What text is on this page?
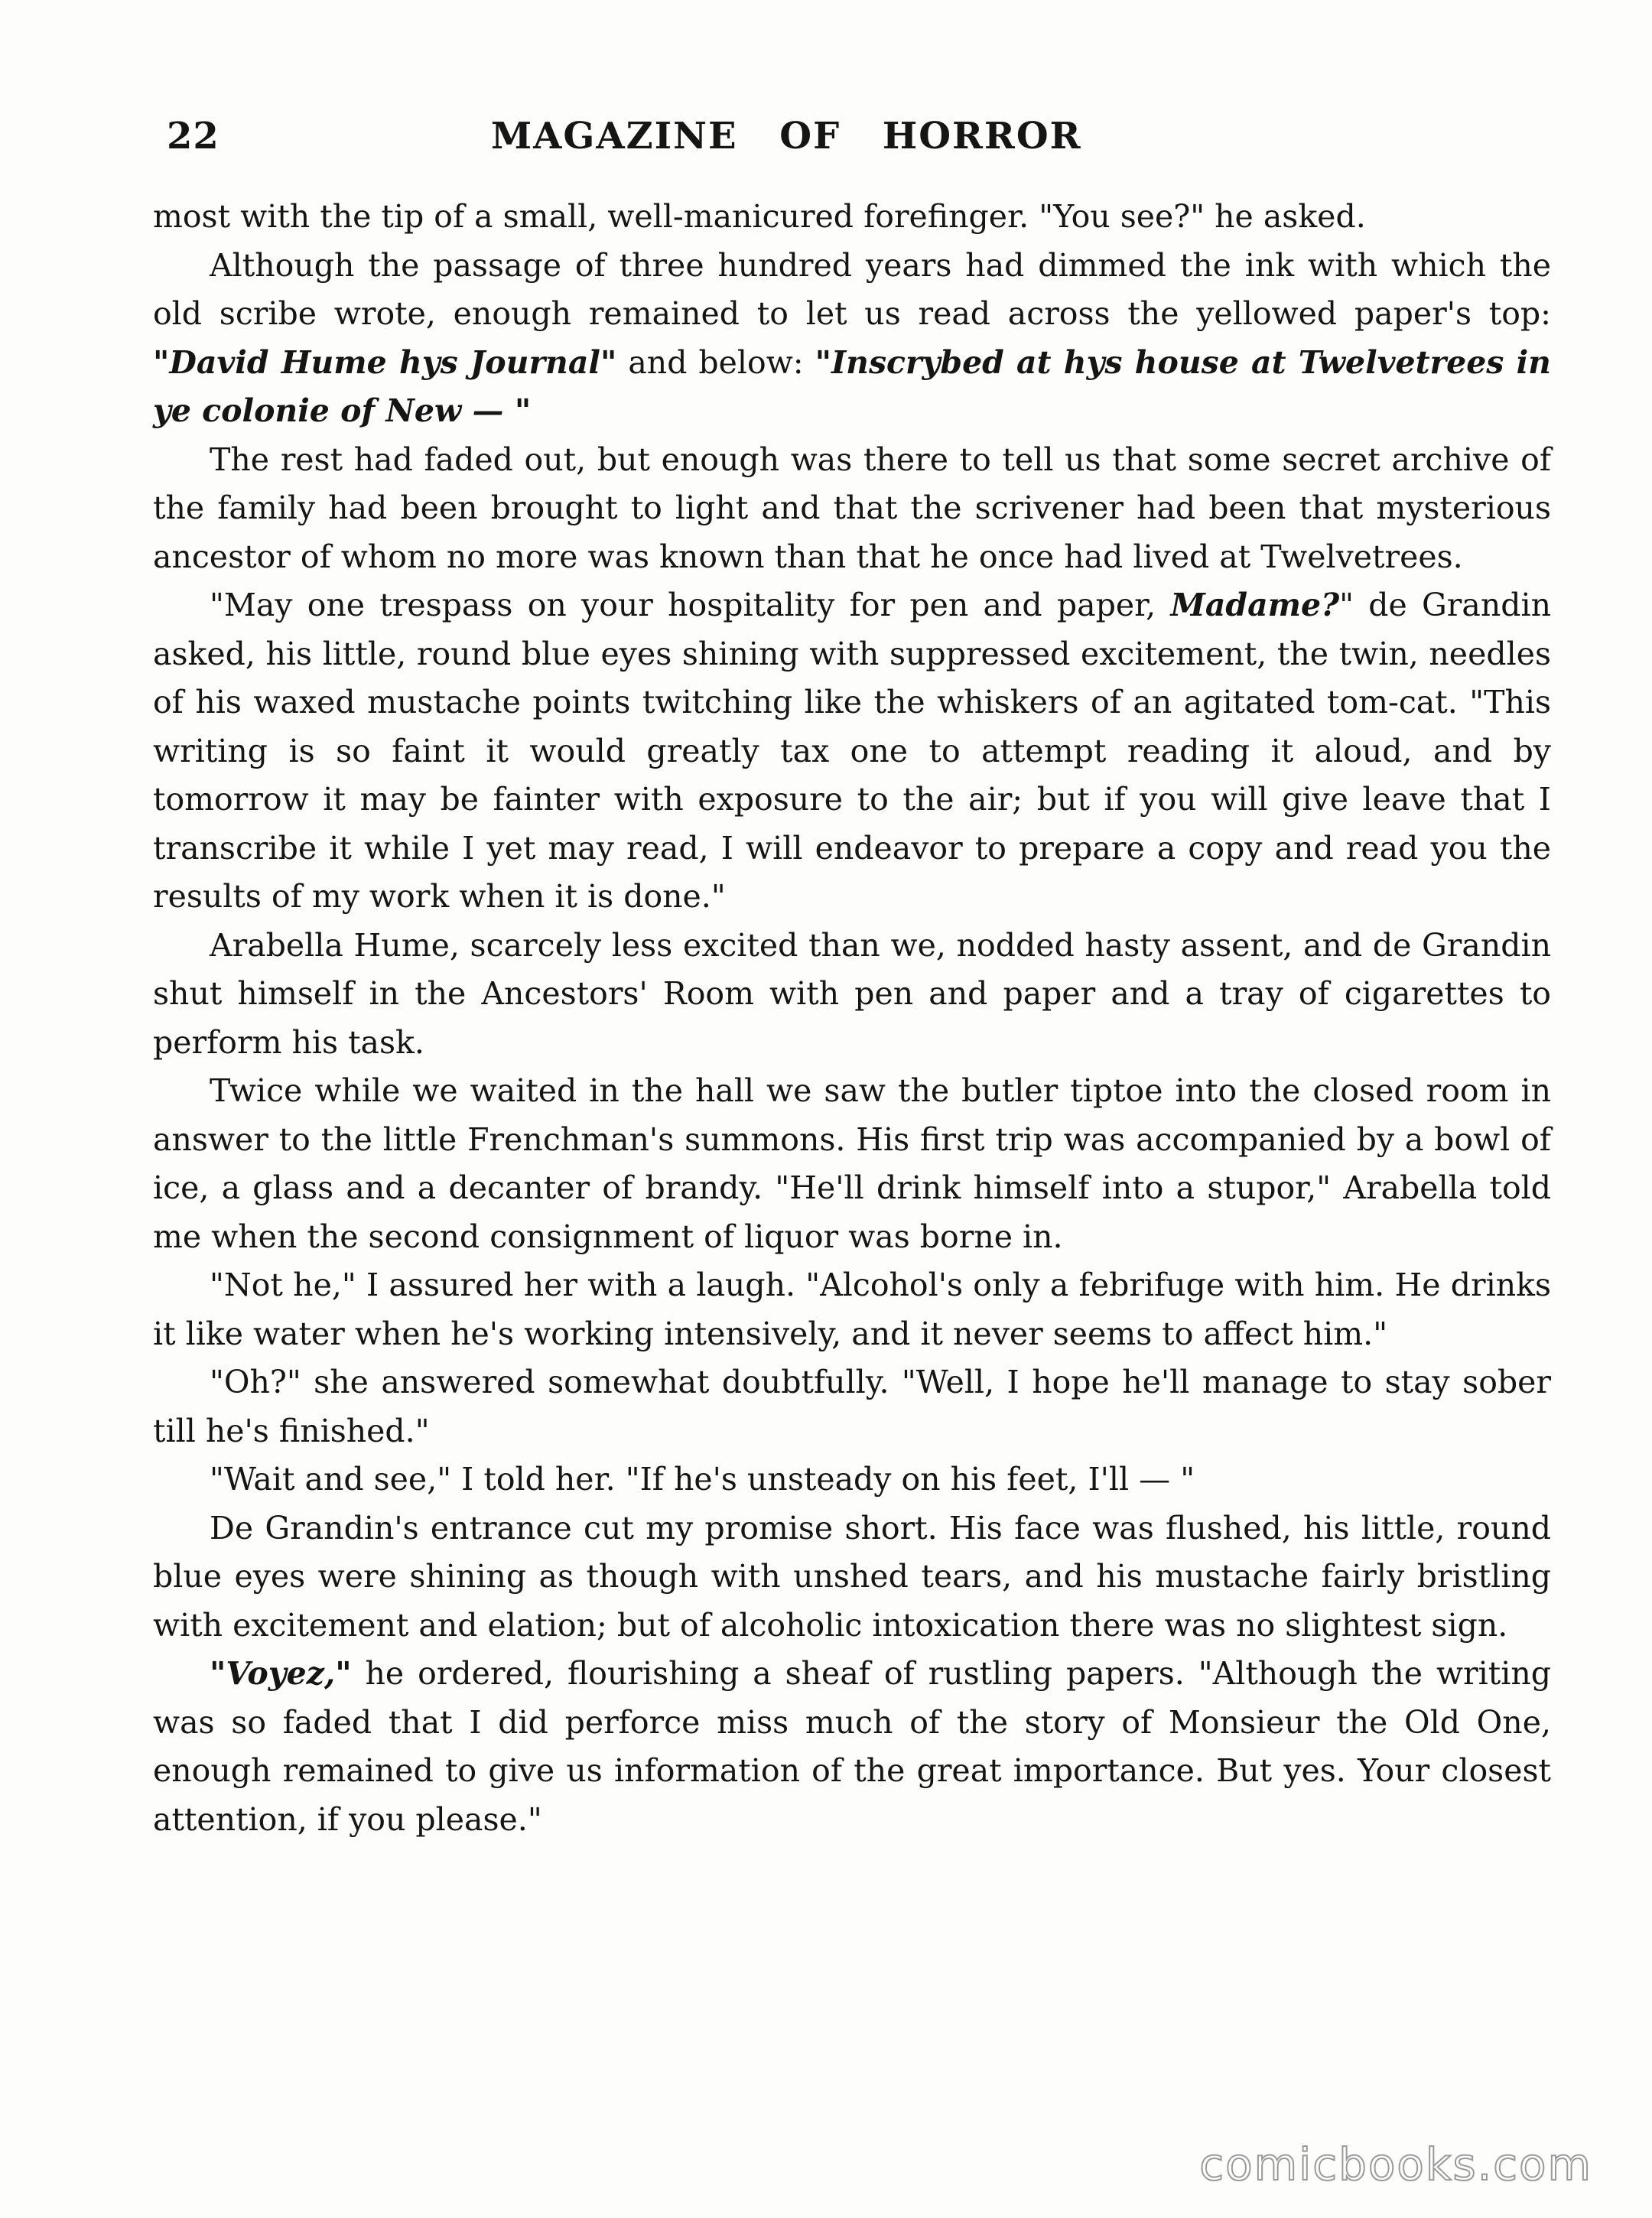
22	MAGAZINE OF HORROR

most with the tip of a small, well-manicured forefinger. "You see?" he asked.

Although the passage of three hundred years had dimmed the ink with which the old scribe wrote, enough remained to let us read across the yellowed paper's top: "David Hume hys Journal" and below: "Inscrybed at hys house at Twelvetrees in ye colonie of New — "

The rest had faded out, but enough was there to tell us that some secret archive of the family had been brought to light and that the scrivener had been that mysterious ancestor of whom no more was known than that he once had lived at Twelvetrees.

"May one trespass on your hospitality for pen and paper, Madame?" de Grandin asked, his little, round blue eyes shining with suppressed excitement, the twin, needles of his waxed mustache points twitching like the whiskers of an agitated tom-cat. "This writing is so faint it would greatly tax one to attempt reading it aloud, and by tomorrow it may be fainter with exposure to the air; but if you will give leave that I transcribe it while I yet may read, I will endeavor to prepare a copy and read you the results of my work when it is done."

Arabella Hume, scarcely less excited than we, nodded hasty assent, and de Grandin shut himself in the Ancestors' Room with pen and paper and a tray of cigarettes to perform his task.

Twice while we waited in the hall we saw the butler tiptoe into the closed room in answer to the little Frenchman's summons. His first trip was accompanied by a bowl of ice, a glass and a decanter of brandy. "He'll drink himself into a stupor," Arabella told me when the second consignment of liquor was borne in.

"Not he," I assured her with a laugh. "Alcohol's only a febrifuge with him. He drinks it like water when he's working intensively, and it never seems to affect him."

"Oh?" she answered somewhat doubtfully. "Well, I hope he'll manage to stay sober till he's finished."

"Wait and see," I told her. "If he's unsteady on his feet, I'll — "

De Grandin's entrance cut my promise short. His face was flushed, his little, round blue eyes were shining as though with unshed tears, and his mustache fairly bristling with excitement and elation; but of alcoholic intoxication there was no slightest sign.

"Voyez," he ordered, flourishing a sheaf of rustling papers. "Although the writing was so faded that I did perforce miss much of the story of Monsieur the Old One, enough remained to give us information of the great importance. But yes. Your closest attention, if you please."

comicbooks.com
